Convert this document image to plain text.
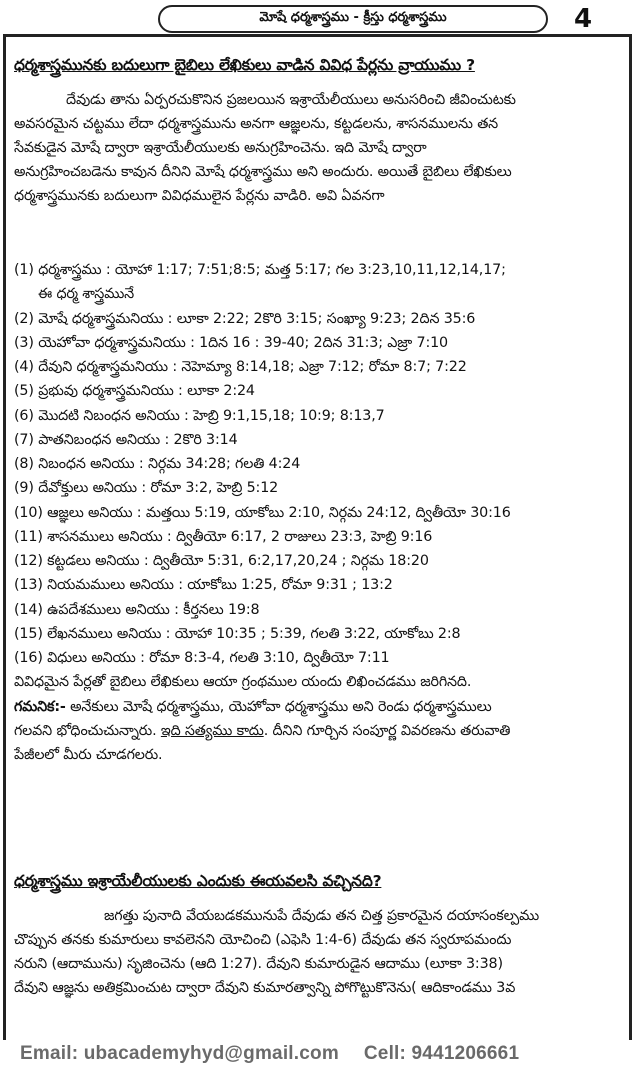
మోషే ధర్మశాస్త్రము - క్రీస్తు ధర్మశాస్త్రము	4
ధర్మశాస్త్రమునకు బదులుగా బైబిలు లేఖికులు వాడిన వివిధ పేర్లను వ్రాయుము ?
దేవుడు తాను ఏర్పరచుకొనిన ప్రజలయిన ఇశ్రాయేలీయులు అనుసరించి జీవించుటకు
అవసరమైన చట్టము లేదా ధర్మశాస్త్రమును అనగా ఆజ్ఞలను, కట్టడలను, శాసనములను తన
సేవకుడైన మోషే ద్వారా ఇశ్రాయేలీయులకు అనుగ్రహించెను. ఇది మోషే ద్వారా
అనుగ్రహించబడెను కావున దీనిని మోషే ధర్మశాస్త్రము అని అందురు. అయితే బైబిలు లేఖికులు
ధర్మశాస్త్రమునకు బదులుగా వివిధములైన పేర్లను వాడిరి. అవి ఏవనగా
(1) ధర్మశాస్త్రము : యోహా 1:17; 7:51;8:5; మత్త 5:17; గల 3:23,10,11,12,14,17;
ఈ ధర్మ శాస్త్రమునే
(2) మోషే ధర్మశాస్త్రమనియు : లూకా 2:22; 2కొరి 3:15; సంఖ్యా 9:23; 2దిన 35:6
(3) యెహోవా ధర్మశాస్త్రమనియు : 1దిన 16 : 39-40; 2దిన 31:3; ఎజ్రా 7:10
(4) దేవుని ధర్మశాస్త్రమనియు : నెహెమ్యా 8:14,18; ఎజ్రా 7:12; రోమా 8:7; 7:22
(5) ప్రభువు ధర్మశాస్త్రమనియు : లూకా 2:24
(6) మొదటి నిబంధన అనియు : హెబ్రి 9:1,15,18; 10:9; 8:13,7
(7) పాతనిబంధన అనియు : 2కొరి 3:14
(8) నిబంధన అనియు : నిర్గమ 34:28; గలతి 4:24
(9) దేవోక్తులు అనియు : రోమా 3:2, హెబ్రి 5:12
(10) ఆజ్ఞలు అనియు : మత్తయి 5:19, యాకోబు 2:10, నిర్గమ 24:12, ద్వితీయో 30:16
(11) శాసనములు అనియు : ద్వితీయో 6:17, 2 రాజులు 23:3, హెబ్రి 9:16
(12) కట్టడలు అనియు : ద్వితీయో 5:31, 6:2,17,20,24 ; నిర్గమ 18:20
(13) నియమములు అనియు : యాకోబు 1:25, రోమా 9:31 ; 13:2
(14) ఉపదేశములు అనియు : కీర్తనలు 19:8
(15) లేఖనములు అనియు : యోహా 10:35 ; 5:39, గలతి 3:22, యాకోబు 2:8
(16) విధులు అనియు : రోమా 8:3-4, గలతి 3:10, ద్వితీయో 7:11
వివిధమైన పేర్లతో బైబిలు లేఖికులు ఆయా గ్రంథముల యందు లిఖించడము జరిగినది.
గమనిక:- అనేకులు మోషే ధర్మశాస్త్రము, యెహోవా ధర్మశాస్త్రము అని రెండు ధర్మశాస్త్రములు
గలవని భోధించుచున్నారు. ఇది సత్యము కాదు. దీనిని గూర్చిన సంపూర్ణ వివరణను తరువాతి
పేజీలలో మీరు చూడగలరు.
ధర్మశాస్త్రము ఇశ్రాయేలీయులకు ఎందుకు ఈయవలసి వచ్చినది?
జగత్తు పునాది వేయబడకమునుపే దేవుడు తన చిత్త ప్రకారమైన దయాసంకల్పము
చొప్పున తనకు కుమారులు కావలెనని యోచించి (ఎఫెసి 1:4-6) దేవుడు తన స్వరూపమందు
నరుని (ఆదామును) సృజించెను (ఆది 1:27). దేవుని కుమారుడైన ఆదాము (లూకా 3:38)
దేవుని ఆజ్ఞను అతిక్రమించుట ద్వారా దేవుని కుమారత్వాన్ని పోగొట్టుకొనెను( ఆదికాండము 3వ
Email: ubacademyhyd@gmail.com Cell: 9441206661
